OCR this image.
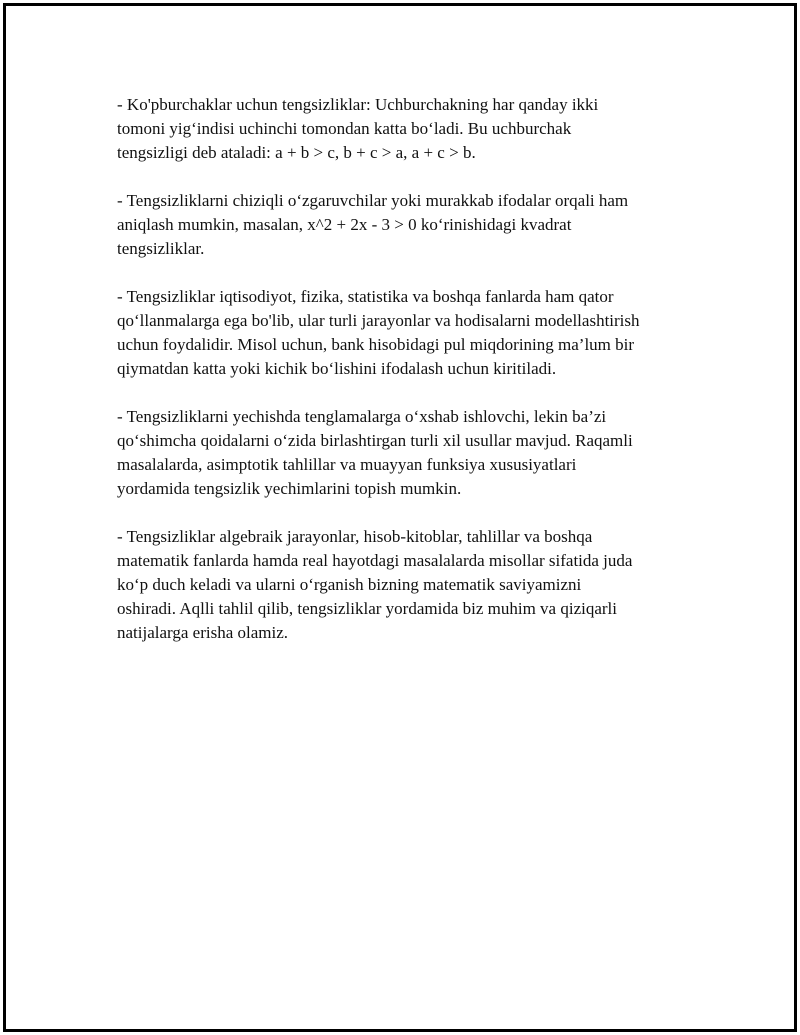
- Ko'pburchaklar uchun tengsizliklar: Uchburchakning har qanday ikki
tomoni yig‘indisi uchinchi tomondan katta bo‘ladi. Bu uchburchak
tengsizligi deb ataladi: a + b > c, b + c > a, a + c > b.

- Tengsizliklarni chiziqli o‘zgaruvchilar yoki murakkab ifodalar orqali ham
aniqlash mumkin, masalan, x^2 + 2x - 3 > 0 ko‘rinishidagi kvadrat
tengsizliklar.

- Tengsizliklar iqtisodiyot, fizika, statistika va boshqa fanlarda ham qator
qo‘llanmalarga ega bo'lib, ular turli jarayonlar va hodisalarni modellashtirish
uchun foydalidir. Misol uchun, bank hisobidagi pul miqdorining ma’lum bir
qiymatdan katta yoki kichik bo‘lishini ifodalash uchun kiritiladi.

- Tengsizliklarni yechishda tenglamalarga o‘xshab ishlovchi, lekin ba’zi
qo‘shimcha qoidalarni o‘zida birlashtirgan turli xil usullar mavjud. Raqamli
masalalarda, asimptotik tahlillar va muayyan funksiya xususiyatlari
yordamida tengsizlik yechimlarini topish mumkin.

- Tengsizliklar algebraik jarayonlar, hisob-kitoblar, tahlillar va boshqa
matematik fanlarda hamda real hayotdagi masalalarda misollar sifatida juda
ko‘p duch keladi va ularni o‘rganish bizning matematik saviyamizni
oshiradi. Aqlli tahlil qilib, tengsizliklar yordamida biz muhim va qiziqarli
natijalarga erisha olamiz.
